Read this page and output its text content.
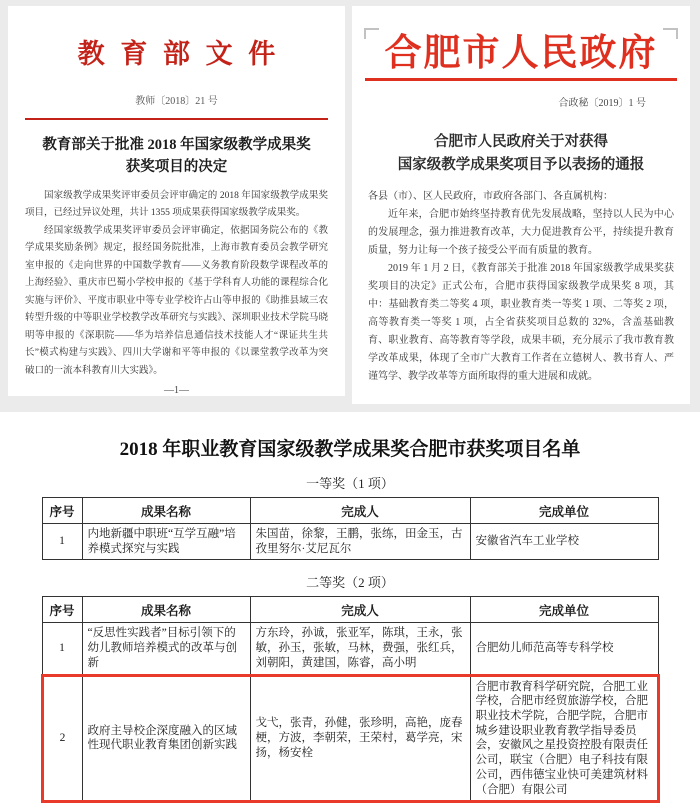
教育部文件
教师〔2018〕21 号
教育部关于批准 2018 年国家级教学成果奖
获奖项目的决定

国家级教学成果奖评审委员会评审确定的 2018 年国家级教学成果奖项目，已经过异议处理，共计 1355 项成果获得国家级教学成果奖。

经国家级教学成果奖评审委员会评审确定，依据国务院公布的《教学成果奖励条例》规定，报经国务院批准，上海市教育委员会教学研究室申报的《走向世界的中国数学教育——义务教育阶段数学课程改革的上海经验》、重庆市巴蜀小学校申报的《基于学科育人功能的课程综合化实施与评价》、平度市职业中等专业学校许占山等申报的《助推县域三农转型升级的中等职业学校教学改革研究与实践》、深圳职业技术学院马晓明等申报的《深职院——华为培养信息通信技术技能人才“课证共生共长”模式构建与实践》、四川大学谢和平等申报的《以课堂教学改革为突破口的一流本科教育川大实践》。

—1—
合肥市人民政府
合政秘〔2019〕1 号
合肥市人民政府关于对获得
国家级教学成果奖项目予以表扬的通报

各县（市）、区人民政府，市政府各部门、各直属机构：

近年来，合肥市始终坚持教育优先发展战略，坚持以人民为中心的发展理念，强力推进教育改革，大力促进教育公平，持续提升教育质量，努力让每一个孩子接受公平而有质量的教育。

2019 年 1 月 2 日，《教育部关于批准 2018 年国家级教学成果奖获奖项目的决定》正式公布，合肥市获得国家级教学成果奖 8 项，其中：基础教育类二等奖 4 项，职业教育类一等奖 1 项、二等奖 2 项，高等教育类一等奖 1 项，占全省获奖项目总数的 32%，含盖基础教育、职业教育、高等教育等学段，成果丰硕，充分展示了我市教育教学改革成果，体现了全市广大教育工作者在立德树人、教书育人、严谨笃学、教学改革等方面所取得的重大进展和成就。

2018 年职业教育国家级教学成果奖合肥市获奖项目名单
一等奖（1 项）
序号	成果名称	完成人	完成单位
1	内地新疆中职班“互学互融”培养模式探究与实践	朱国苗，徐黎，王鹏，张练，田金玉，古孜里努尔·艾尼瓦尔	安徽省汽车工业学校
二等奖（2 项）
序号	成果名称	完成人	完成单位
1	“反思性实践者”目标引领下的幼儿教师培养模式的改革与创新	方东玲，孙诚，张亚军，陈琪，王永，张敏，孙玉，张敏，马林，费强，张红兵，刘朝阳，黄建国，陈睿，高小明	合肥幼儿师范高等专科学校
2	政府主导校企深度融入的区域性现代职业教育集团创新实践	戈弋，张青，孙健，张珍明，高艳，庞春梗，方波，李朝荣，王荣村，葛学亮，宋扬，杨安栓	合肥市教育科学研究院，合肥工业学校，合肥市经贸旅游学校，合肥职业技术学院，合肥学院，合肥市城乡建设职业教育教学指导委员会，安徽风之星投资控股有限责任公司，联宝（合肥）电子科技有限公司，西伟德宝业快可美建筑材料（合肥）有限公司
